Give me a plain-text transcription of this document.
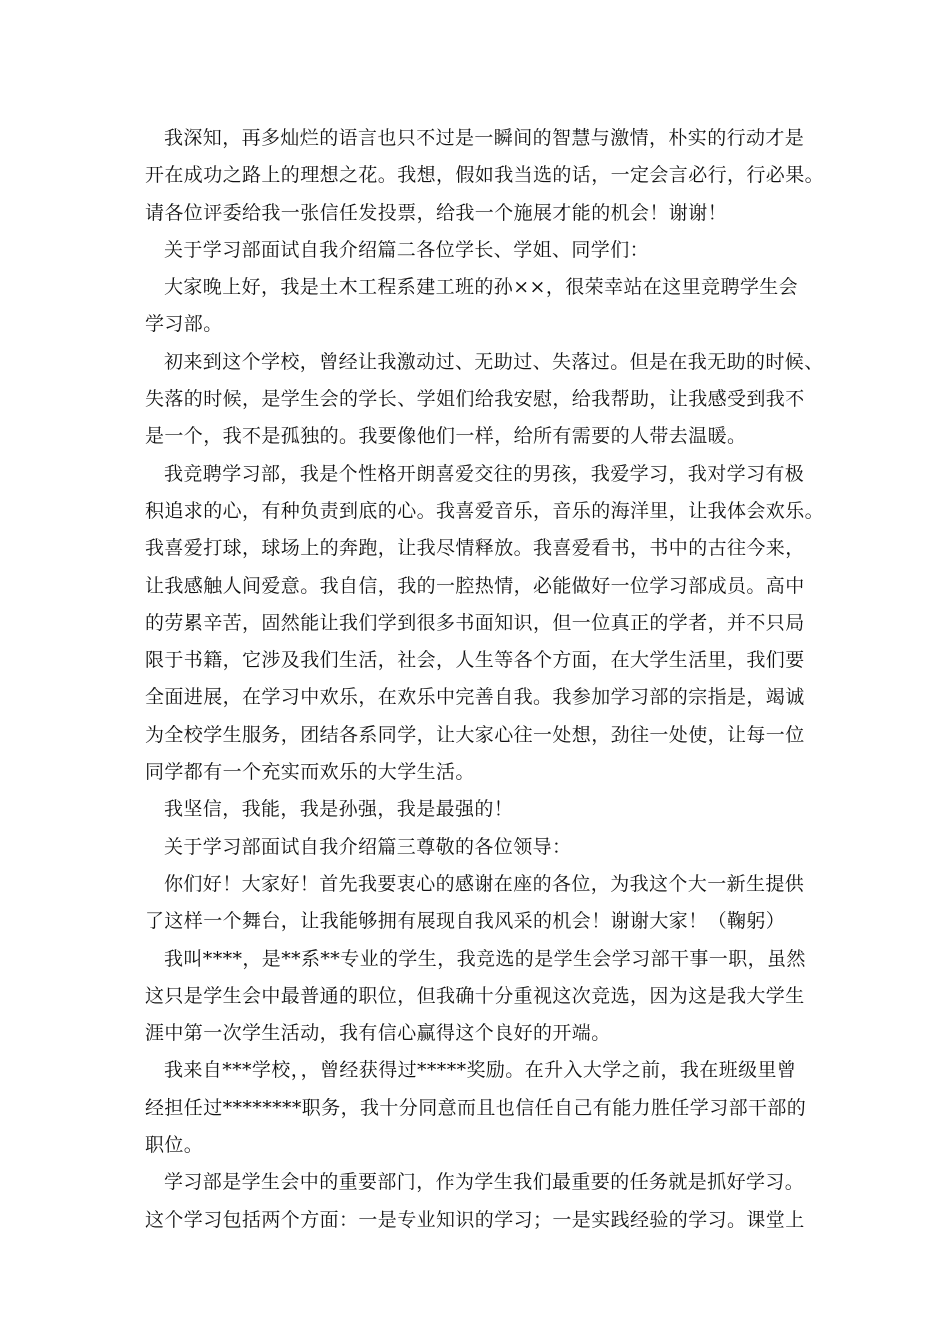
我深知，再多灿烂的语言也只不过是一瞬间的智慧与激情，朴实的行动才是
开在成功之路上的理想之花。我想，假如我当选的话，一定会言必行，行必果。
请各位评委给我一张信任发投票，给我一个施展才能的机会！谢谢！
关于学习部面试自我介绍篇二各位学长、学姐、同学们：
大家晚上好，我是土木工程系建工班的孙××，很荣幸站在这里竞聘学生会
学习部。
初来到这个学校，曾经让我激动过、无助过、失落过。但是在我无助的时候、
失落的时候，是学生会的学长、学姐们给我安慰，给我帮助，让我感受到我不
是一个，我不是孤独的。我要像他们一样，给所有需要的人带去温暖。
我竞聘学习部，我是个性格开朗喜爱交往的男孩，我爱学习，我对学习有极
积追求的心，有种负责到底的心。我喜爱音乐，音乐的海洋里，让我体会欢乐。
我喜爱打球，球场上的奔跑，让我尽情释放。我喜爱看书，书中的古往今来，
让我感触人间爱意。我自信，我的一腔热情，必能做好一位学习部成员。高中
的劳累辛苦，固然能让我们学到很多书面知识，但一位真正的学者，并不只局
限于书籍，它涉及我们生活，社会，人生等各个方面，在大学生活里，我们要
全面进展，在学习中欢乐，在欢乐中完善自我。我参加学习部的宗指是，竭诚
为全校学生服务，团结各系同学，让大家心往一处想，劲往一处使，让每一位
同学都有一个充实而欢乐的大学生活。
我坚信，我能，我是孙强，我是最强的！
关于学习部面试自我介绍篇三尊敬的各位领导：
你们好！大家好！首先我要衷心的感谢在座的各位，为我这个大一新生提供
了这样一个舞台，让我能够拥有展现自我风采的机会！谢谢大家！（鞠躬）
我叫****，是**系**专业的学生，我竞选的是学生会学习部干事一职，虽然
这只是学生会中最普通的职位，但我确十分重视这次竞选，因为这是我大学生
涯中第一次学生活动，我有信心赢得这个良好的开端。
我来自***学校，，曾经获得过*****奖励。在升入大学之前，我在班级里曾
经担任过********职务，我十分同意而且也信任自己有能力胜任学习部干部的
职位。
学习部是学生会中的重要部门，作为学生我们最重要的任务就是抓好学习。
这个学习包括两个方面：一是专业知识的学习；一是实践经验的学习。课堂上
